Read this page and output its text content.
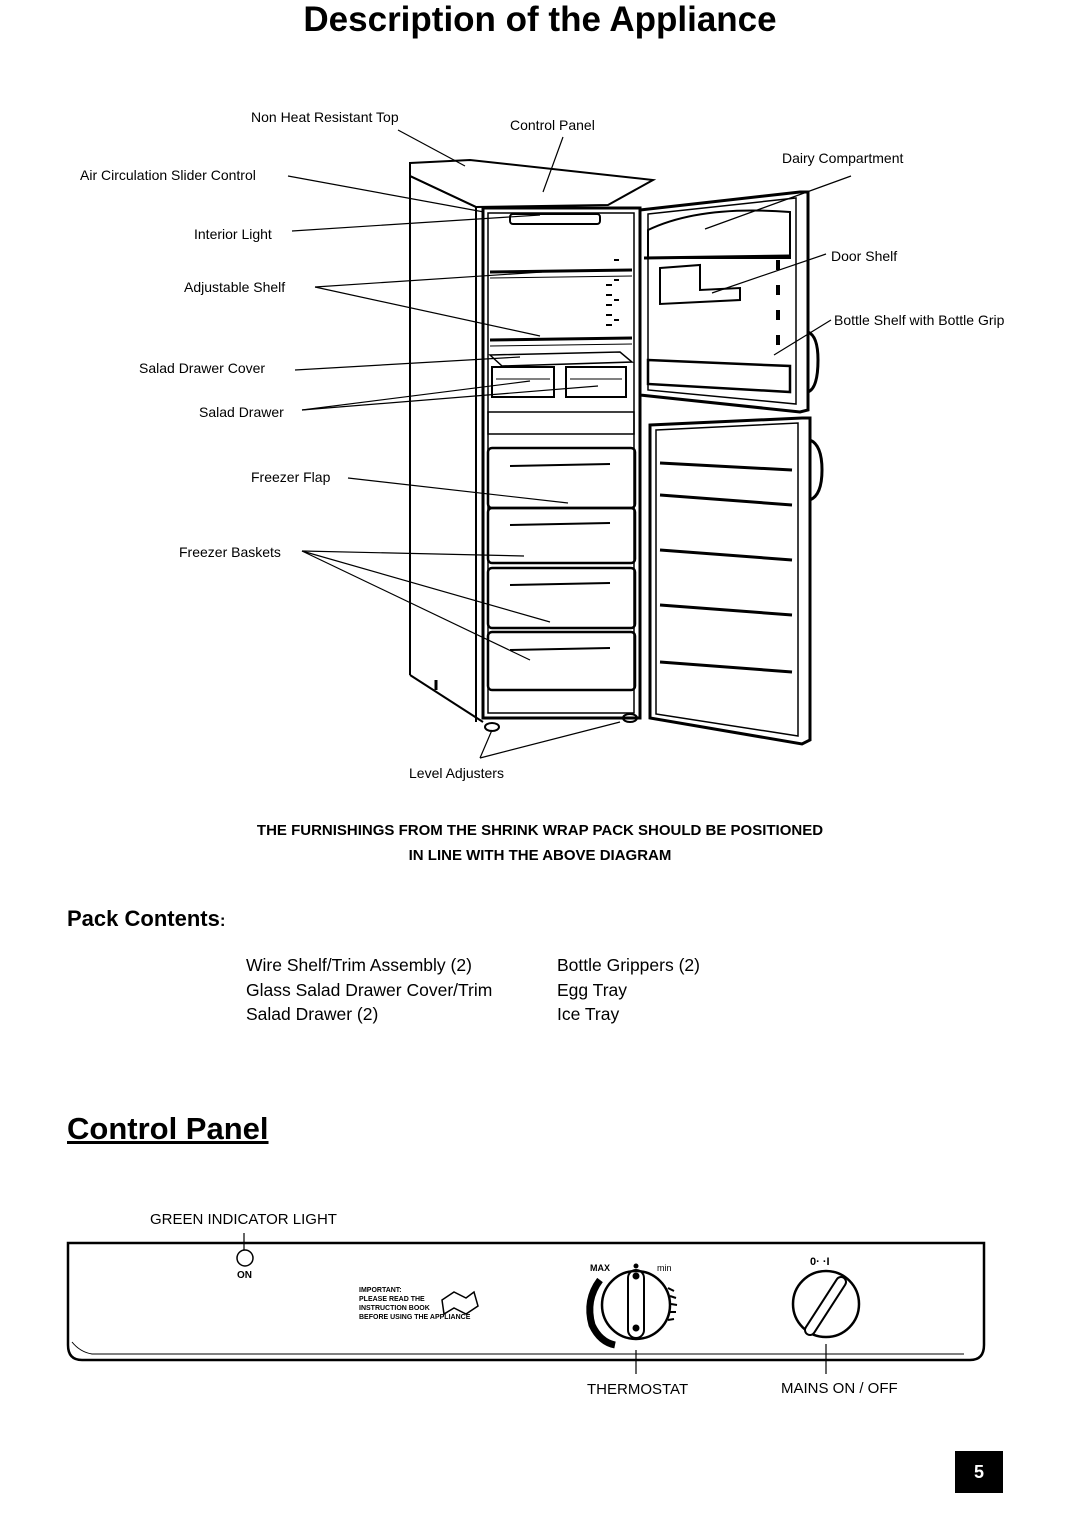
Description of the Appliance
Non Heat Resistant Top	Control Panel
Air Circulation Slider Control
Dairy Compartment
Interior Light
Door Shelf
Adjustable Shelf
Bottle Shelf with Bottle Grip
Salad Drawer Cover
Salad Drawer
Freezer Flap
Freezer Baskets
Level Adjusters
THE FURNISHINGS FROM THE SHRINK WRAP PACK SHOULD BE POSITIONED
IN LINE WITH THE ABOVE DIAGRAM
Pack Contents:
Wire Shelf/Trim Assembly (2)
Glass Salad Drawer Cover/Trim
Salad Drawer (2)
Bottle Grippers (2)
Egg Tray
Ice Tray
Control Panel
GREEN INDICATOR LIGHT
ON
IMPORTANT:
PLEASE READ THE
INSTRUCTION BOOK
BEFORE USING THE APPLIANCE
MAX	min	0· ·I
THERMOSTAT	MAINS ON / OFF
5
